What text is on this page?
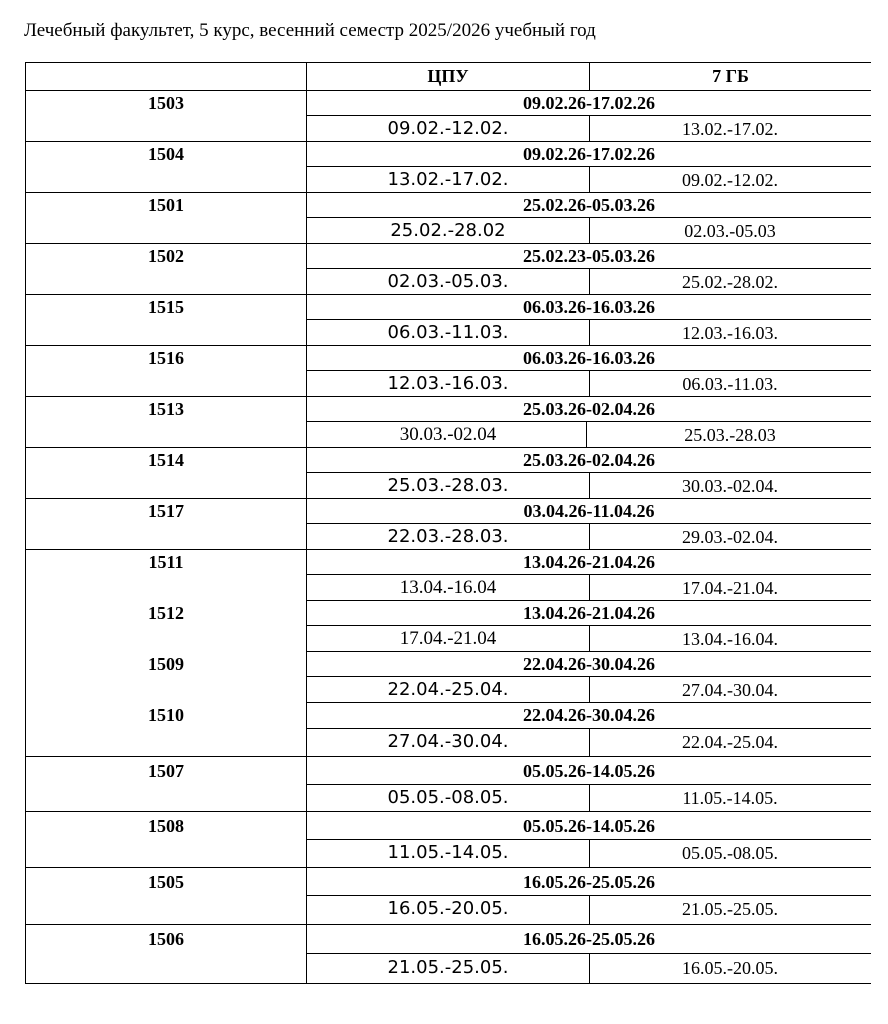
Лечебный факультет, 5 курс, весенний семестр 2025/2026 учебный год
ЦПУ	7 ГБ
1503	09.02.26-17.02.26
09.02.-12.02.	13.02.-17.02.
1504	09.02.26-17.02.26
13.02.-17.02.	09.02.-12.02.
1501	25.02.26-05.03.26
25.02.-28.02	02.03.-05.03
1502	25.02.23-05.03.26
02.03.-05.03.	25.02.-28.02.
1515	06.03.26-16.03.26
06.03.-11.03.	12.03.-16.03.
1516	06.03.26-16.03.26
12.03.-16.03.	06.03.-11.03.
1513	25.03.26-02.04.26
30.03.-02.04	25.03.-28.03
1514	25.03.26-02.04.26
25.03.-28.03.	30.03.-02.04.
1517	03.04.26-11.04.26
22.03.-28.03.	29.03.-02.04.
1511	13.04.26-21.04.26
13.04.-16.04	17.04.-21.04.
1512	13.04.26-21.04.26
17.04.-21.04	13.04.-16.04.
1509	22.04.26-30.04.26
22.04.-25.04.	27.04.-30.04.
1510	22.04.26-30.04.26
27.04.-30.04.	22.04.-25.04.
1507	05.05.26-14.05.26
05.05.-08.05.	11.05.-14.05.
1508	05.05.26-14.05.26
11.05.-14.05.	05.05.-08.05.
1505	16.05.26-25.05.26
16.05.-20.05.	21.05.-25.05.
1506	16.05.26-25.05.26
21.05.-25.05.	16.05.-20.05.
